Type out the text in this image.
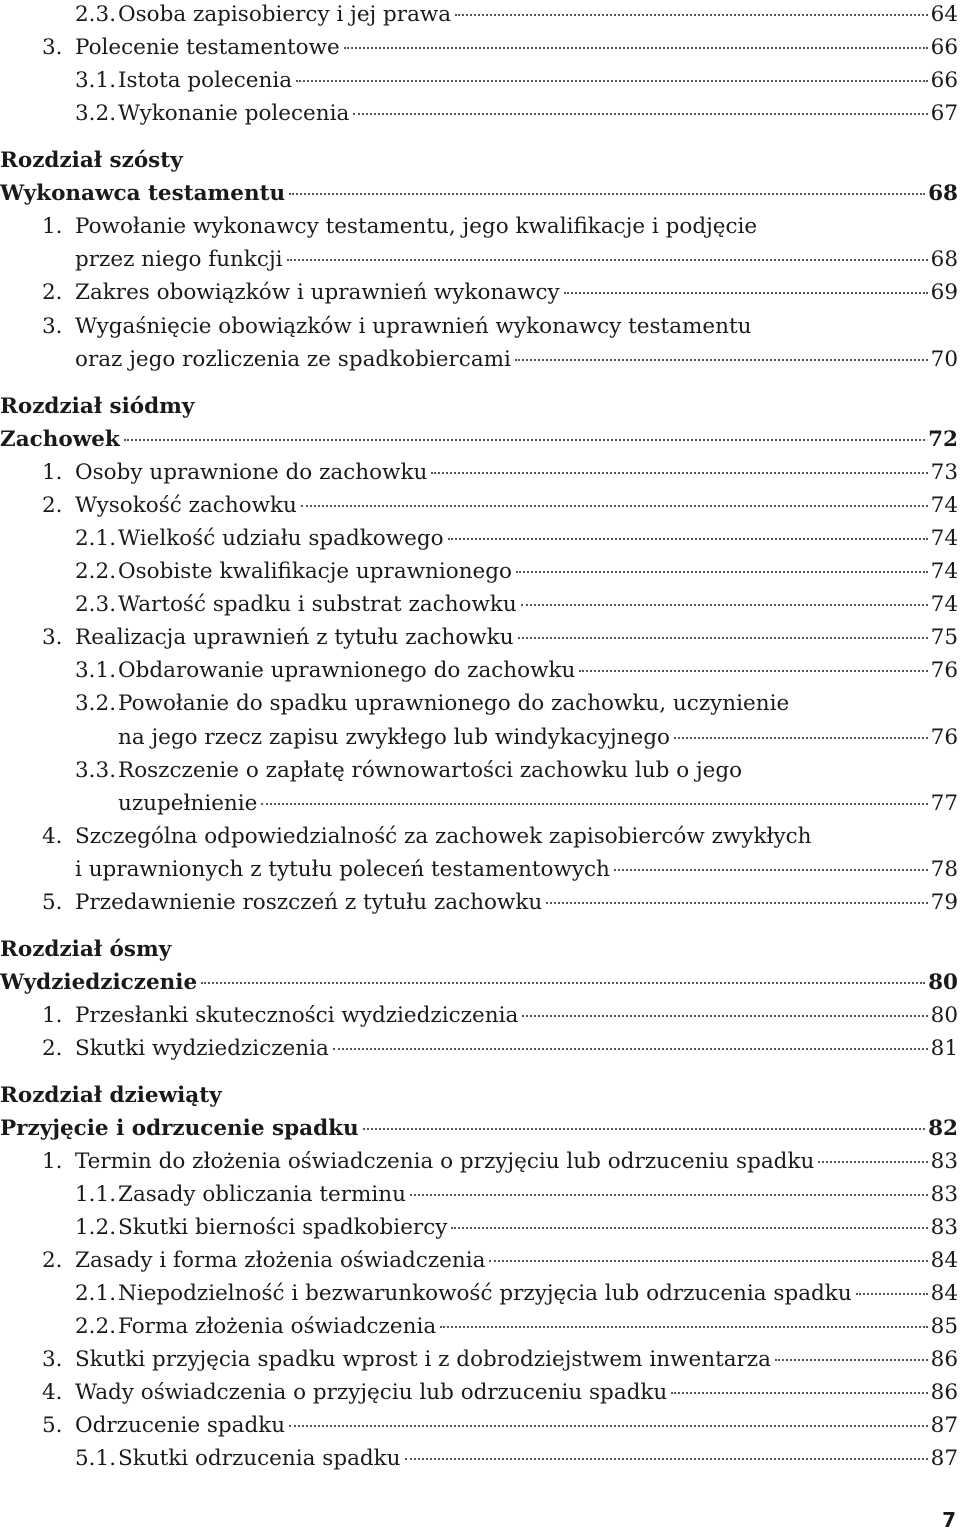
2.3. Osoba zapisobiercy i jej prawa	64
3. Polecenie testamentowe	66
3.1. Istota polecenia	66
3.2. Wykonanie polecenia	67
Rozdział szósty
Wykonawca testamentu	68
1. Powołanie wykonawcy testamentu, jego kwalifikacje i podjęcie
przez niego funkcji	68
2. Zakres obowiązków i uprawnień wykonawcy	69
3. Wygaśnięcie obowiązków i uprawnień wykonawcy testamentu
oraz jego rozliczenia ze spadkobiercami	70
Rozdział siódmy
Zachowek	72
1. Osoby uprawnione do zachowku	73
2. Wysokość zachowku	74
2.1. Wielkość udziału spadkowego	74
2.2. Osobiste kwalifikacje uprawnionego	74
2.3. Wartość spadku i substrat zachowku	74
3. Realizacja uprawnień z tytułu zachowku	75
3.1. Obdarowanie uprawnionego do zachowku	76
3.2. Powołanie do spadku uprawnionego do zachowku, uczynienie
na jego rzecz zapisu zwykłego lub windykacyjnego	76
3.3. Roszczenie o zapłatę równowartości zachowku lub o jego
uzupełnienie	77
4. Szczególna odpowiedzialność za zachowek zapisobierców zwykłych
i uprawnionych z tytułu poleceń testamentowych	78
5. Przedawnienie roszczeń z tytułu zachowku	79
Rozdział ósmy
Wydziedziczenie	80
1. Przesłanki skuteczności wydziedziczenia	80
2. Skutki wydziedziczenia	81
Rozdział dziewiąty
Przyjęcie i odrzucenie spadku	82
1. Termin do złożenia oświadczenia o przyjęciu lub odrzuceniu spadku	83
1.1. Zasady obliczania terminu	83
1.2. Skutki bierności spadkobiercy	83
2. Zasady i forma złożenia oświadczenia	84
2.1. Niepodzielność i bezwarunkowość przyjęcia lub odrzucenia spadku	84
2.2. Forma złożenia oświadczenia	85
3. Skutki przyjęcia spadku wprost i z dobrodziejstwem inwentarza	86
4. Wady oświadczenia o przyjęciu lub odrzuceniu spadku	86
5. Odrzucenie spadku	87
5.1. Skutki odrzucenia spadku	87
7
